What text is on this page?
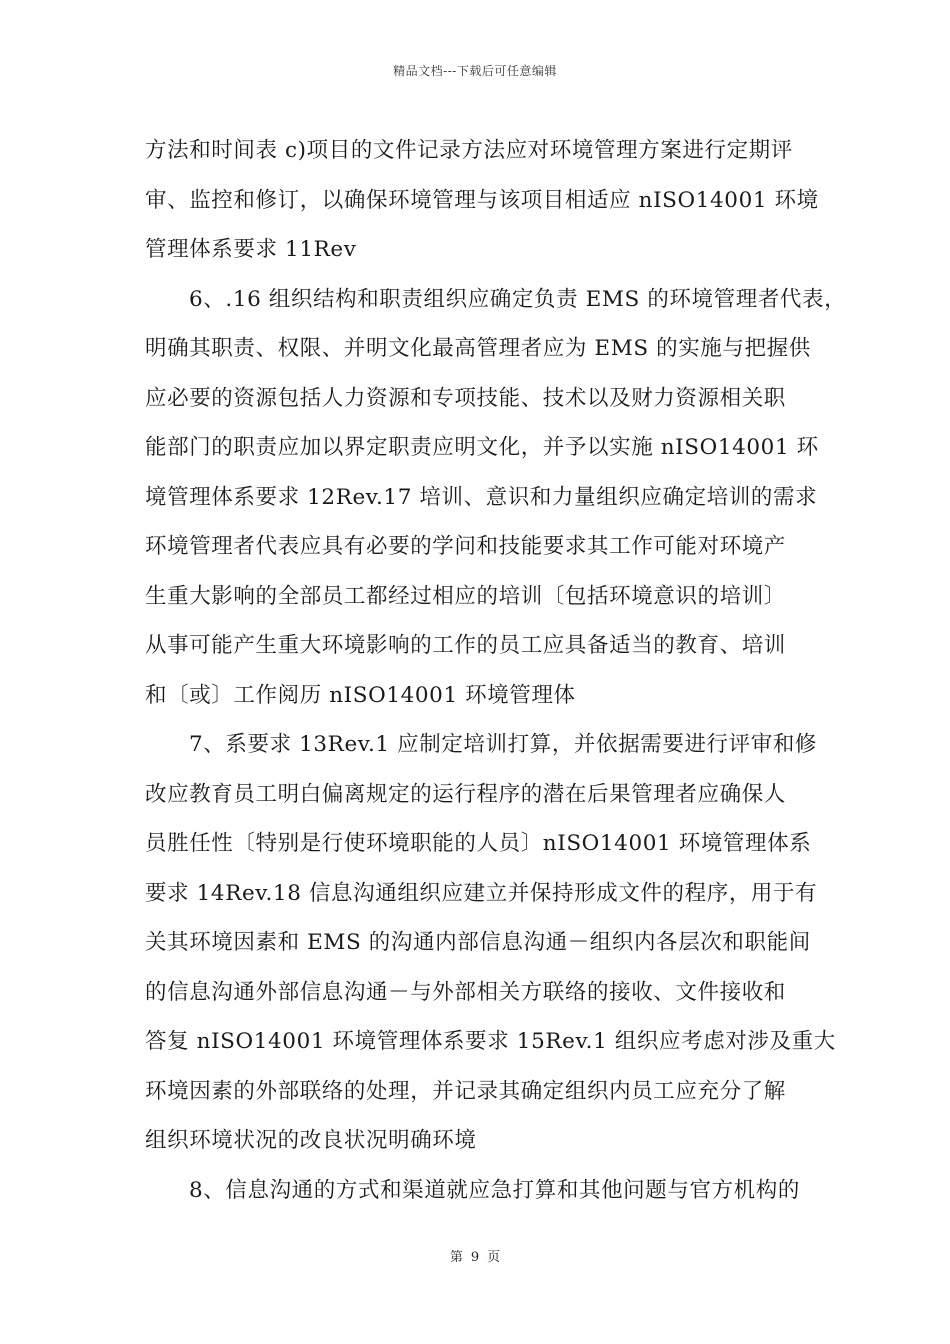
精品文档---下载后可任意编辑
方法和时间表 c)项目的文件记录方法应对环境管理方案进行定期评
审、监控和修订，以确保环境管理与该项目相适应 nISO14001 环境
管理体系要求 11Rev
6、.16 组织结构和职责组织应确定负责 EMS 的环境管理者代表，
明确其职责、权限、并明文化最高管理者应为 EMS 的实施与把握供
应必要的资源包括人力资源和专项技能、技术以及财力资源相关职
能部门的职责应加以界定职责应明文化，并予以实施 nISO14001 环
境管理体系要求 12Rev.17 培训、意识和力量组织应确定培训的需求
环境管理者代表应具有必要的学问和技能要求其工作可能对环境产
生重大影响的全部员工都经过相应的培训〔包括环境意识的培训〕
从事可能产生重大环境影响的工作的员工应具备适当的教育、培训
和〔或〕工作阅历 nISO14001 环境管理体
7、系要求 13Rev.1 应制定培训打算，并依据需要进行评审和修
改应教育员工明白偏离规定的运行程序的潜在后果管理者应确保人
员胜任性〔特别是行使环境职能的人员〕nISO14001 环境管理体系
要求 14Rev.18 信息沟通组织应建立并保持形成文件的程序，用于有
关其环境因素和 EMS 的沟通内部信息沟通－组织内各层次和职能间
的信息沟通外部信息沟通－与外部相关方联络的接收、文件接收和
答复 nISO14001 环境管理体系要求 15Rev.1 组织应考虑对涉及重大
环境因素的外部联络的处理，并记录其确定组织内员工应充分了解
组织环境状况的改良状况明确环境
8、信息沟通的方式和渠道就应急打算和其他问题与官方机构的
第 9 页
